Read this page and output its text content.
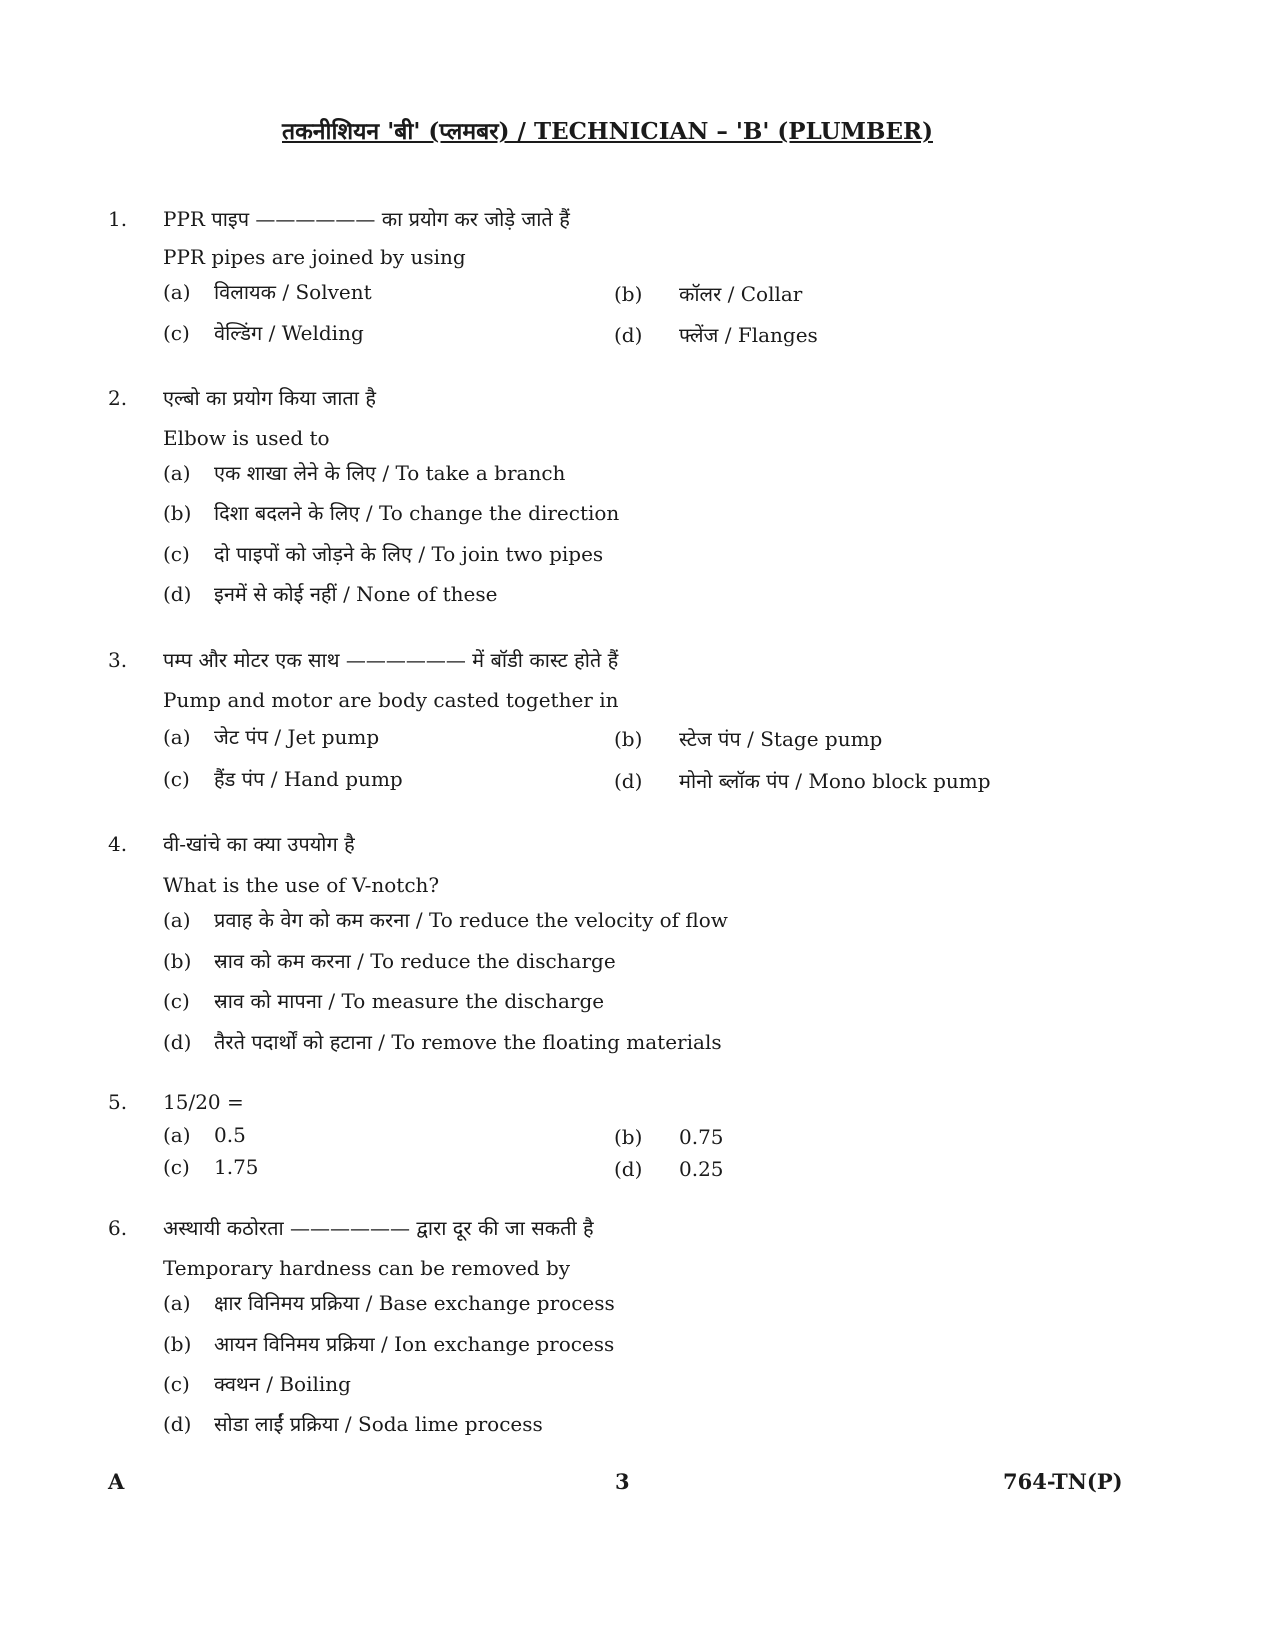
तकनीशियन 'बी' (प्लमबर) / TECHNICIAN – 'B' (PLUMBER)
1. PPR पाइप —————— का प्रयोग कर जोड़े जाते हैं
PPR pipes are joined by using
(a) विलायक / Solvent	(b) कॉलर / Collar
(c) वेल्डिंग / Welding	(d) फ्लेंज / Flanges
2. एल्बो का प्रयोग किया जाता है
Elbow is used to
(a) एक शाखा लेने के लिए / To take a branch
(b) दिशा बदलने के लिए / To change the direction
(c) दो पाइपों को जोड़ने के लिए / To join two pipes
(d) इनमें से कोई नहीं / None of these
3. पम्प और मोटर एक साथ —————— में बॉडी कास्ट होते हैं
Pump and motor are body casted together in
(a) जेट पंप / Jet pump	(b) स्टेज पंप / Stage pump
(c) हैंड पंप / Hand pump	(d) मोनो ब्लॉक पंप / Mono block pump
4. वी-खांचे का क्या उपयोग है
What is the use of V-notch?
(a) प्रवाह के वेग को कम करना / To reduce the velocity of flow
(b) स्राव को कम करना / To reduce the discharge
(c) स्राव को मापना / To measure the discharge
(d) तैरते पदार्थों को हटाना / To remove the floating materials
5. 15/20 =
(a) 0.5	(b) 0.75
(c) 1.75	(d) 0.25
6. अस्थायी कठोरता —————— द्वारा दूर की जा सकती है
Temporary hardness can be removed by
(a) क्षार विनिमय प्रक्रिया / Base exchange process
(b) आयन विनिमय प्रक्रिया / Ion exchange process
(c) क्वथन / Boiling
(d) सोडा लाईं प्रक्रिया / Soda lime process
A	3	764-TN(P)
